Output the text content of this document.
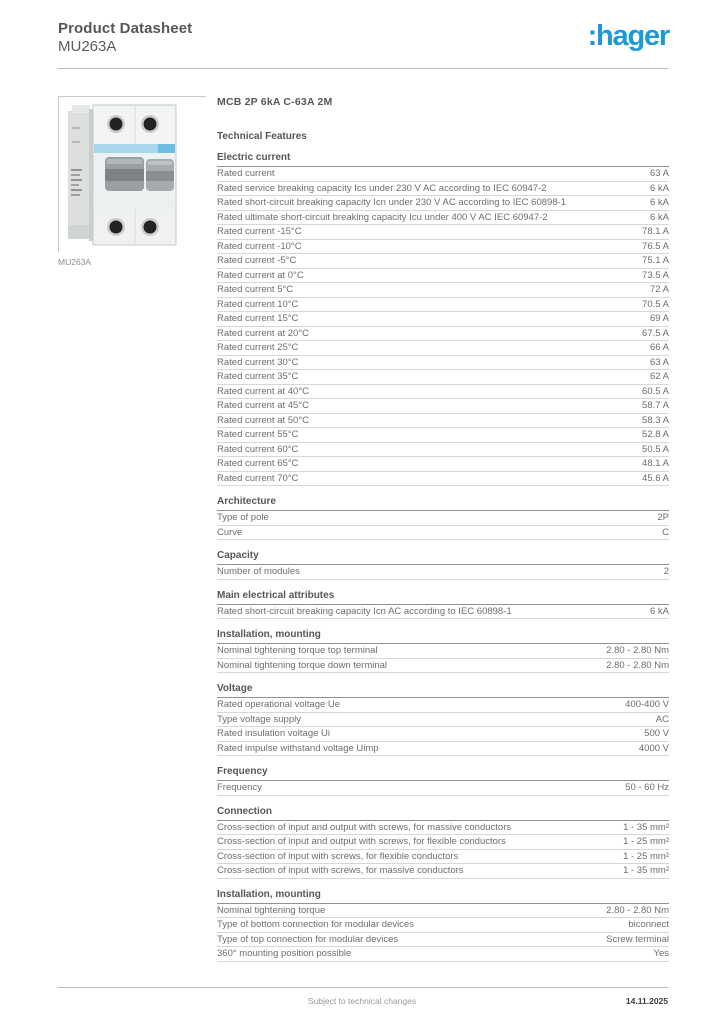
Product Datasheet
MU263A	:hager
MU263A
MCB 2P 6kA C-63A 2M
Technical Features
Electric current
Rated current	63 A
Rated service breaking capacity Ics under 230 V AC according to IEC 60947-2	6 kA
Rated short-circuit breaking capacity Icn under 230 V AC according to IEC 60898-1	6 kA
Rated ultimate short-circuit breaking capacity Icu under 400 V AC IEC 60947-2	6 kA
Rated current -15°C	78.1 A
Rated current -10°C	76.5 A
Rated current -5°C	75.1 A
Rated current at 0°C	73.5 A
Rated current 5°C	72 A
Rated current 10°C	70.5 A
Rated current 15°C	69 A
Rated current at 20°C	67.5 A
Rated current 25°C	66 A
Rated current 30°C	63 A
Rated current 35°C	62 A
Rated current at 40°C	60.5 A
Rated current at 45°C	58.7 A
Rated current at 50°C	58.3 A
Rated current 55°C	52.8 A
Rated current 60°C	50.5 A
Rated current 65°C	48.1 A
Rated current 70°C	45.6 A
Architecture
Type of pole	2P
Curve	C
Capacity
Number of modules	2
Main electrical attributes
Rated short-circuit breaking capacity Icn AC according to IEC 60898-1	6 kA
Installation, mounting
Nominal tightening torque top terminal	2.80 - 2.80 Nm
Nominal tightening torque down terminal	2.80 - 2.80 Nm
Voltage
Rated operational voltage Ue	400-400 V
Type voltage supply	AC
Rated insulation voltage Ui	500 V
Rated impulse withstand voltage Uimp	4000 V
Frequency
Frequency	50 - 60 Hz
Connection
Cross-section of input and output with screws, for massive conductors	1 - 35 mm²
Cross-section of input and output with screws, for flexible conductors	1 - 25 mm²
Cross-section of input with screws, for flexible conductors	1 - 25 mm²
Cross-section of input with screws, for massive conductors	1 - 35 mm²
Installation, mounting
Nominal tightening torque	2.80 - 2.80 Nm
Type of bottom connection for modular devices	biconnect
Type of top connection for modular devices	Screw terminal
360° mounting position possible	Yes
Subject to technical changes	14.11.2025
